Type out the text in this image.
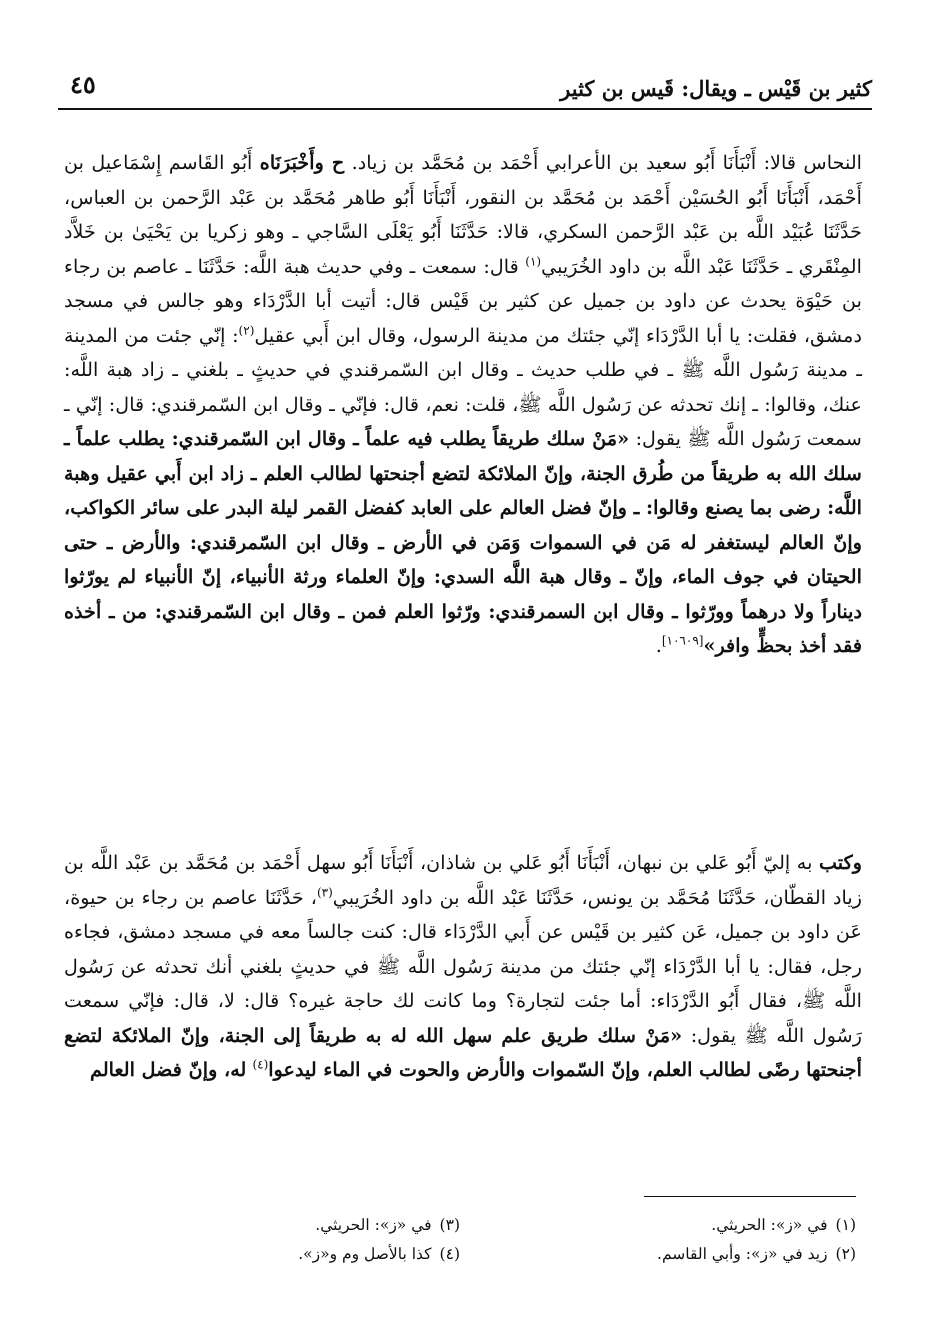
كثير بن قَيْس ـ ويقال: قَيس بن كثير
٤٥

النحاس قالا: أَنْبَأَنَا أَبُو سعيد بن الأعرابي أَحْمَد بن مُحَمَّد بن زياد. ح وأَخْبَرَنَاه أَبُو القَاسم إِسْمَاعيل بن أَحْمَد، أَنْبَأَنَا أَبُو الحُسَيْن أَحْمَد بن مُحَمَّد بن النقور، أَنْبَأَنَا أَبُو طاهر مُحَمَّد بن عَبْد الرَّحمن بن العباس، حَدَّثَنَا عُبَيْد اللَّه بن عَبْد الرَّحمن السكري، قالا: حَدَّثَنَا أَبُو يَعْلَى السَّاجي ـ وهو زكريا بن يَحْيَىٰ بن خَلاَّد المِنْقَري ـ حَدَّثَنَا عَبْد اللَّه بن داود الخُرَيبي$^{(١)}$ قال: سمعت ـ وفي حديث هبة اللَّه: حَدَّثَنَا ـ عاصم بن رجاء بن حَيْوَة يحدث عن داود بن جميل عن كثير بن قَيْس قال: أتيت أبا الدَّرْدَاء وهو جالس في مسجد دمشق، فقلت: يا أبا الدَّرْدَاء إنّي جئتك من مدينة الرسول، وقال ابن أَبي عقيل$^{(٢)}$: إنّي جئت من المدينة ـ مدينة رَسُول اللَّه ﷺ ـ في طلب حديث ـ وقال ابن السّمرقندي في حديثٍ ـ بلغني ـ زاد هبة اللَّه: عنك، وقالوا: ـ إنك تحدثه عن رَسُول اللَّه ﷺ، قلت: نعم، قال: فإنّي ـ وقال ابن السّمرقندي: قال: إنّي ـ سمعت رَسُول اللَّه ﷺ يقول: «مَنْ سلك طريقاً يطلب فيه علماً ـ وقال ابن السّمرقندي: يطلب علماً ـ سلك الله به طريقاً من طُرق الجنة، وإنّ الملائكة لتضع أجنحتها لطالب العلم ـ زاد ابن أَبي عقيل وهبة اللَّه: رضى بما يصنع وقالوا: ـ وإنّ فضل العالم على العابد كفضل القمر ليلة البدر على سائر الكواكب، وإنّ العالم ليستغفر له مَن في السموات وَمَن في الأرض ـ وقال ابن السّمرقندي: والأرض ـ حتى الحيتان في جوف الماء، وإنّ ـ وقال هبة اللَّه السدي: وإنّ العلماء ورثة الأنبياء، إنّ الأنبياء لم يورّثوا ديناراً ولا درهماً وورّثوا ـ وقال ابن السمرقندي: ورّثوا العلم فمن ـ وقال ابن السّمرقندي: من ـ أخذه فقد أخذ بحظٍّ وافر»[١٠٦٠٩].

وكتب به إليّ أَبُو عَلي بن نبهان، أَنْبَأَنَا أَبُو عَلي بن شاذان، أَنْبَأَنَا أَبُو سهل أَحْمَد بن مُحَمَّد بن عَبْد اللَّه بن زياد القطّان، حَدَّثَنَا مُحَمَّد بن يونس، حَدَّثَنَا عَبْد اللَّه بن داود الخُرَيبي$^{(٣)}$، حَدَّثَنَا عاصم بن رجاء بن حيوة، عَن داود بن جميل، عَن كثير بن قَيْس عن أَبي الدَّرْدَاء قال: كنت جالساً معه في مسجد دمشق، فجاءه رجل، فقال: يا أبا الدَّرْدَاء إنّي جئتك من مدينة رَسُول اللَّه ﷺ في حديثٍ بلغني أنك تحدثه عن رَسُول اللَّه ﷺ، فقال أَبُو الدَّرْدَاء: أما جئت لتجارة؟ وما كانت لك حاجة غيره؟ قال: لا، قال: فإنّي سمعت رَسُول اللَّه ﷺ يقول: «مَنْ سلك طريق علم سهل الله له به طريقاً إلى الجنة، وإنّ الملائكة لتضع أجنحتها رضًى لطالب العلم، وإنّ السّموات والأرض والحوت في الماء ليدعوا$^{(٤)}$ له، وإنّ فضل العالم

(١)في «ز»: الحريثي.
(٣)في «ز»: الحريثي.
(٢)زيد في «ز»: وأبي القاسم.
(٤)كذا بالأصل وم و«ز».
